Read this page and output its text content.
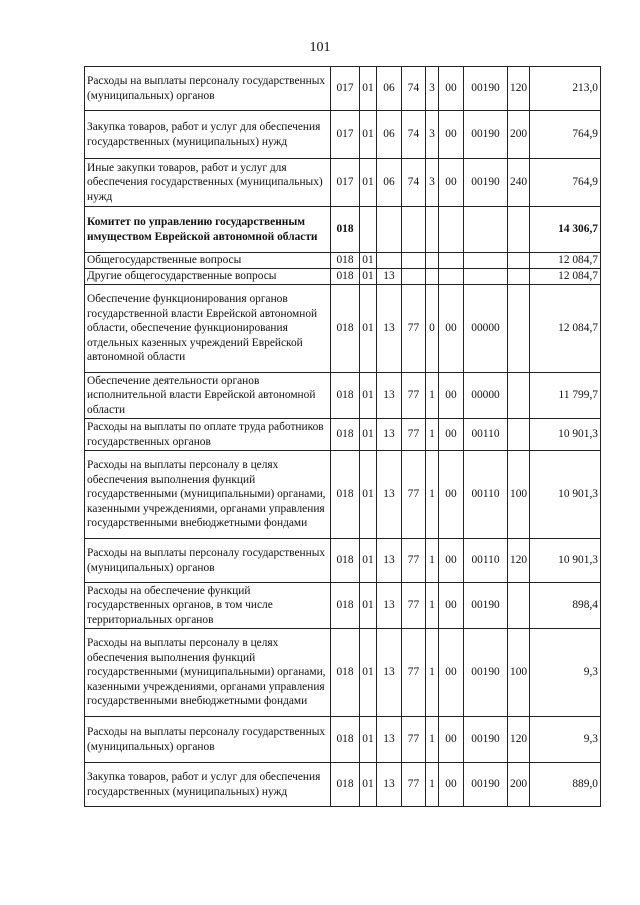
101
Расходы на выплаты персоналу государственных (муниципальных) органов	017	01	06	74	3	00	00190	120	213,0
Закупка товаров, работ и услуг для обеспечения государственных (муниципальных) нужд	017	01	06	74	3	00	00190	200	764,9
Иные закупки товаров, работ и услуг для обеспечения государственных (муниципальных) нужд	017	01	06	74	3	00	00190	240	764,9
Комитет по управлению государственным имуществом Еврейской автономной области	018								14 306,7
Общегосударственные вопросы	018	01							12 084,7
Другие общегосударственные вопросы	018	01	13						12 084,7
Обеспечение функционирования органов государственной власти Еврейской автономной области, обеспечение функционирования отдельных казенных учреждений Еврейской автономной области	018	01	13	77	0	00	00000		12 084,7
Обеспечение деятельности органов исполнительной власти Еврейской автономной области	018	01	13	77	1	00	00000		11 799,7
Расходы на выплаты по оплате труда работников государственных органов	018	01	13	77	1	00	00110		10 901,3
Расходы на выплаты персоналу в целях обеспечения выполнения функций государственными (муниципальными) органами, казенными учреждениями, органами управления государственными внебюджетными фондами	018	01	13	77	1	00	00110	100	10 901,3
Расходы на выплаты персоналу государственных (муниципальных) органов	018	01	13	77	1	00	00110	120	10 901,3
Расходы на обеспечение функций государственных органов, в том числе территориальных органов	018	01	13	77	1	00	00190		898,4
Расходы на выплаты персоналу в целях обеспечения выполнения функций государственными (муниципальными) органами, казенными учреждениями, органами управления государственными внебюджетными фондами	018	01	13	77	1	00	00190	100	9,3
Расходы на выплаты персоналу государственных (муниципальных) органов	018	01	13	77	1	00	00190	120	9,3
Закупка товаров, работ и услуг для обеспечения государственных (муниципальных) нужд	018	01	13	77	1	00	00190	200	889,0
